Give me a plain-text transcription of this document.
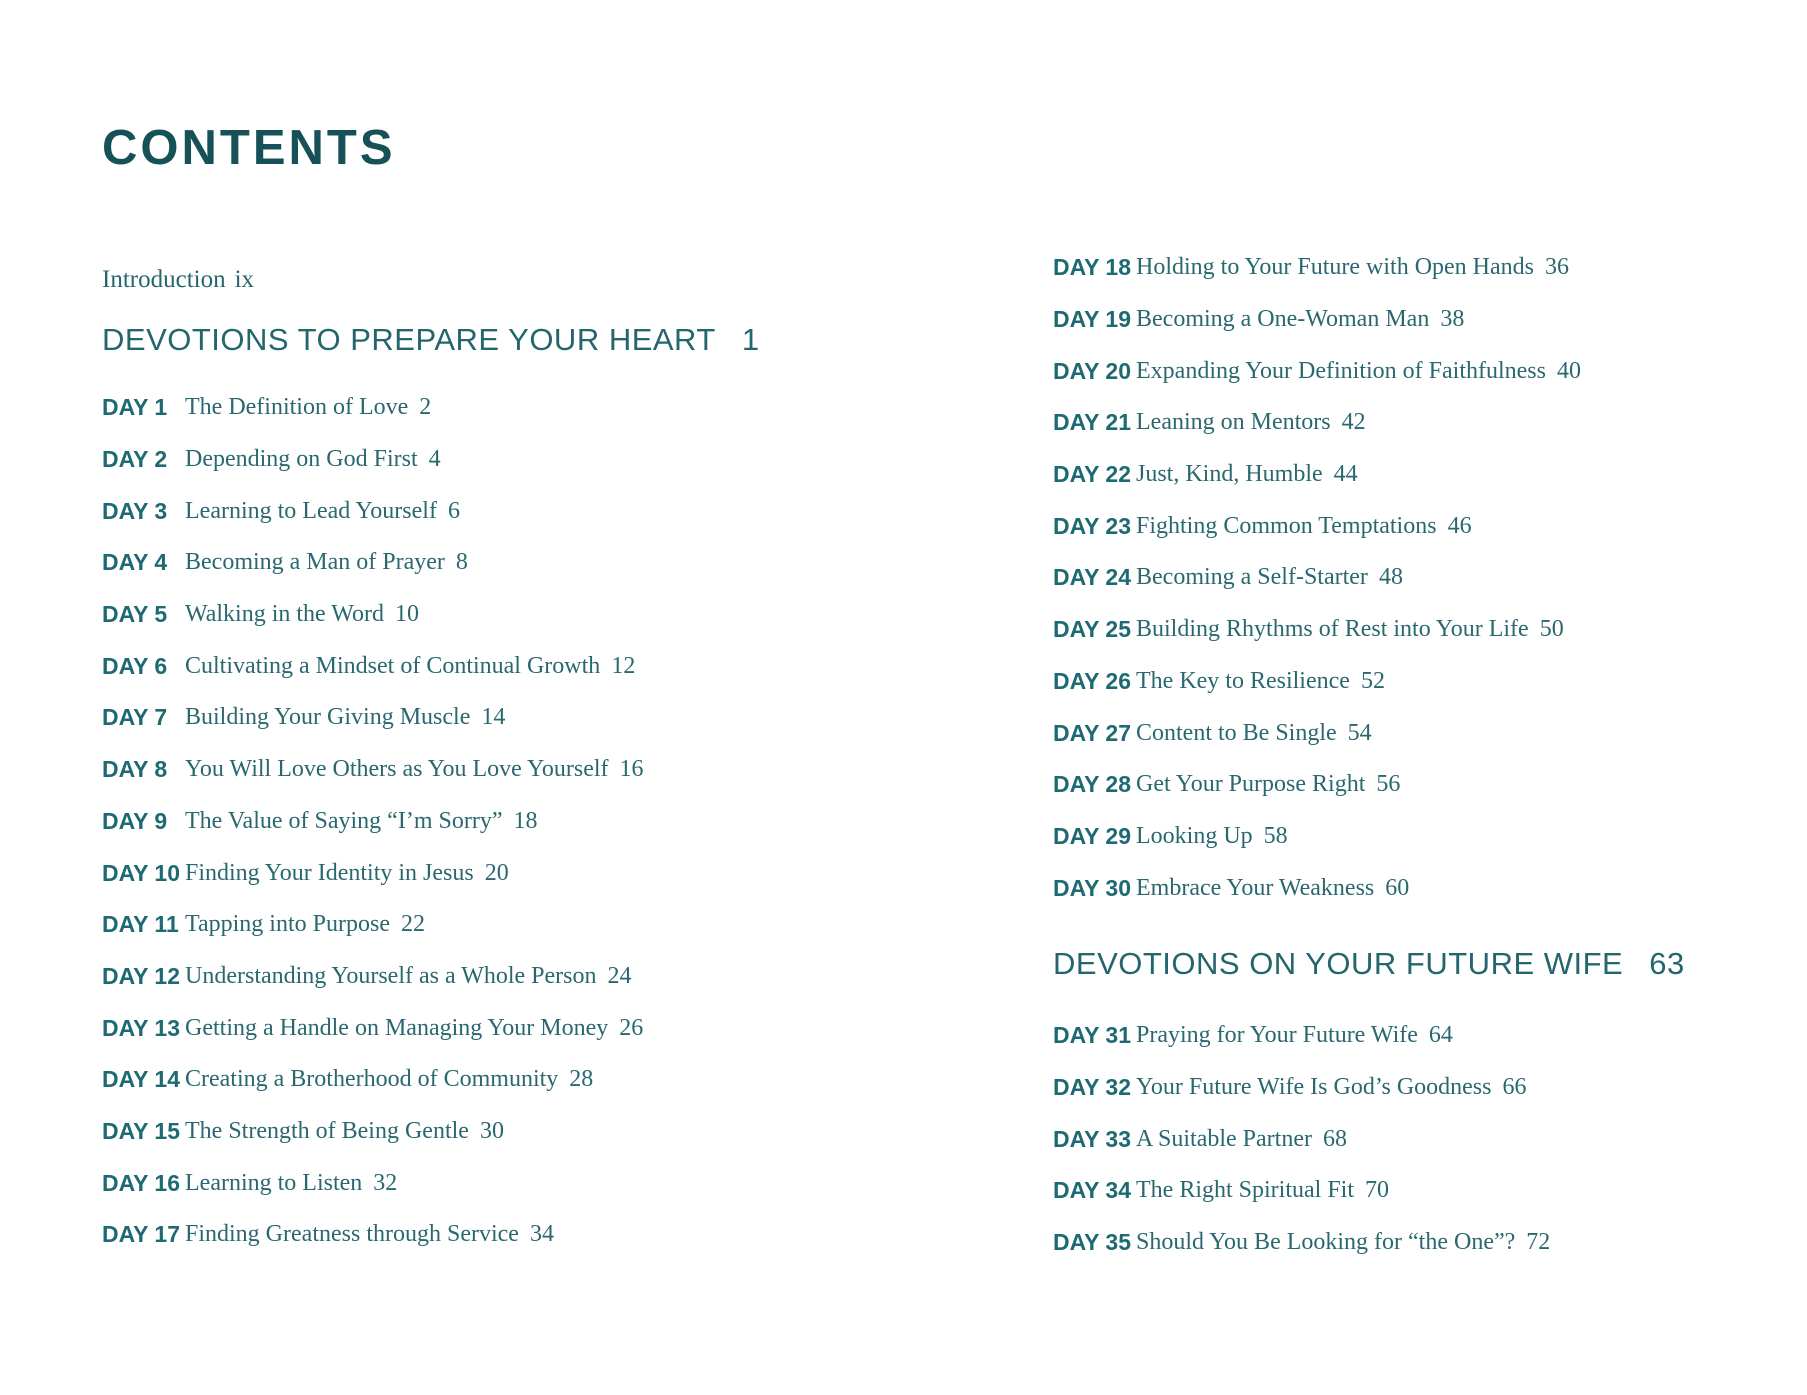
CONTENTS
Introduction ix
DEVOTIONS TO PREPARE YOUR HEART 1
DAY 1 The Definition of Love 2
DAY 2 Depending on God First 4
DAY 3 Learning to Lead Yourself 6
DAY 4 Becoming a Man of Prayer 8
DAY 5 Walking in the Word 10
DAY 6 Cultivating a Mindset of Continual Growth 12
DAY 7 Building Your Giving Muscle 14
DAY 8 You Will Love Others as You Love Yourself 16
DAY 9 The Value of Saying “I’m Sorry” 18
DAY 10 Finding Your Identity in Jesus 20
DAY 11 Tapping into Purpose 22
DAY 12 Understanding Yourself as a Whole Person 24
DAY 13 Getting a Handle on Managing Your Money 26
DAY 14 Creating a Brotherhood of Community 28
DAY 15 The Strength of Being Gentle 30
DAY 16 Learning to Listen 32
DAY 17 Finding Greatness through Service 34
DAY 18 Holding to Your Future with Open Hands 36
DAY 19 Becoming a One-Woman Man 38
DAY 20 Expanding Your Definition of Faithfulness 40
DAY 21 Leaning on Mentors 42
DAY 22 Just, Kind, Humble 44
DAY 23 Fighting Common Temptations 46
DAY 24 Becoming a Self-Starter 48
DAY 25 Building Rhythms of Rest into Your Life 50
DAY 26 The Key to Resilience 52
DAY 27 Content to Be Single 54
DAY 28 Get Your Purpose Right 56
DAY 29 Looking Up 58
DAY 30 Embrace Your Weakness 60
DEVOTIONS ON YOUR FUTURE WIFE 63
DAY 31 Praying for Your Future Wife 64
DAY 32 Your Future Wife Is God’s Goodness 66
DAY 33 A Suitable Partner 68
DAY 34 The Right Spiritual Fit 70
DAY 35 Should You Be Looking for “the One”? 72
